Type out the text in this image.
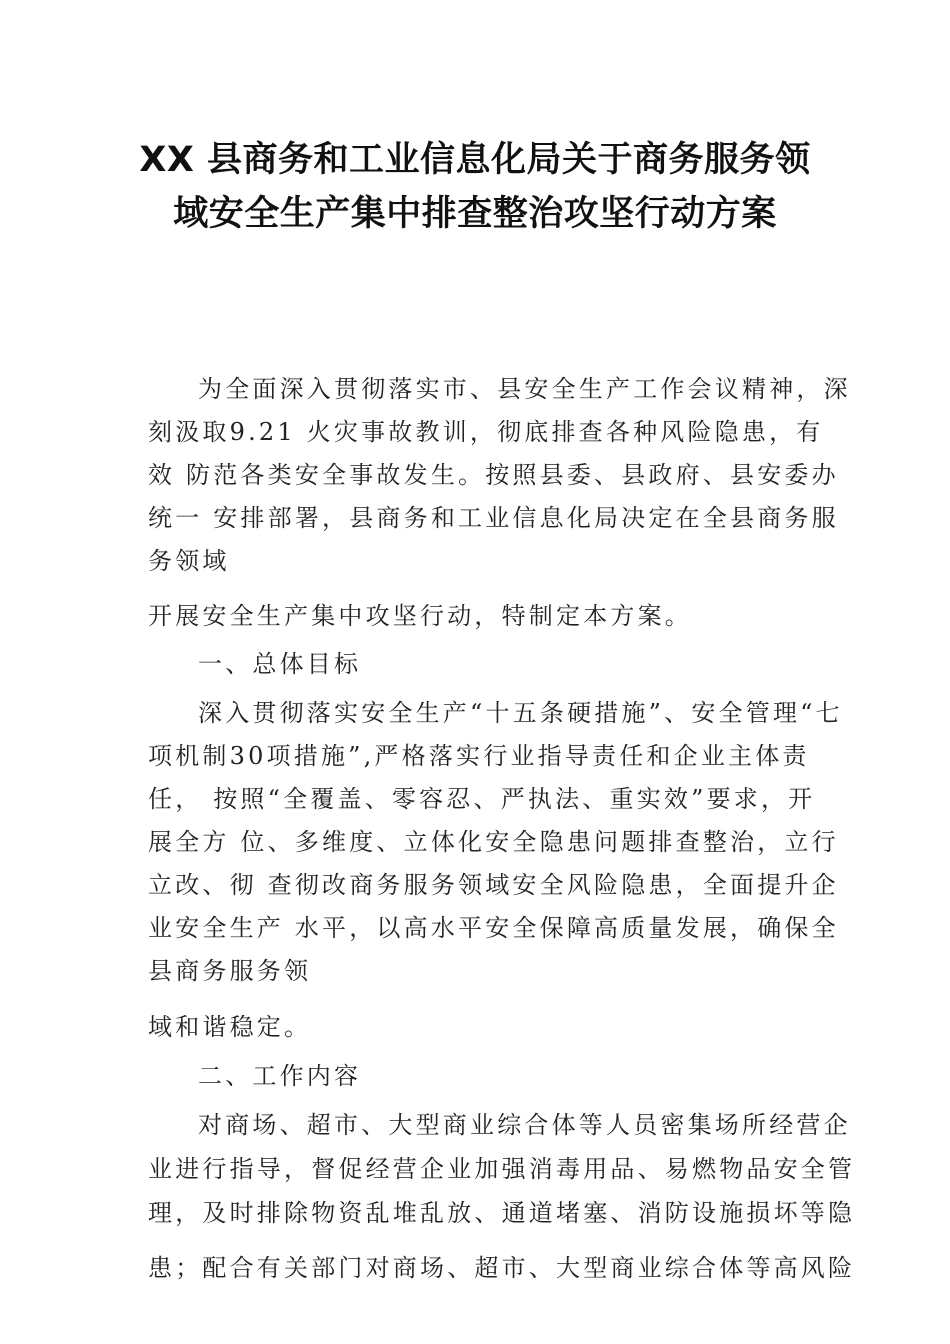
XX 县商务和工业信息化局关于商务服务领
域安全生产集中排查整治攻坚行动方案
为全面深入贯彻落实市、县安全生产工作会议精神，深
刻汲取9.21 火灾事故教训，彻底排查各种风险隐患，有
效 防范各类安全事故发生。按照县委、县政府、县安委办
统一 安排部署，县商务和工业信息化局决定在全县商务服
务领域
开展安全生产集中攻坚行动，特制定本方案。
一、总体目标
深入贯彻落实安全生产“十五条硬措施”、安全管理“七
项机制30项措施”,严格落实行业指导责任和企业主体责
任， 按照“全覆盖、零容忍、严执法、重实效”要求，开
展全方 位、多维度、立体化安全隐患问题排查整治，立行
立改、彻 查彻改商务服务领域安全风险隐患，全面提升企
业安全生产 水平，以高水平安全保障高质量发展，确保全
县商务服务领
域和谐稳定。
二、工作内容
对商场、超市、大型商业综合体等人员密集场所经营企
业进行指导，督促经营企业加强消毒用品、易燃物品安全管
理，及时排除物资乱堆乱放、通道堵塞、消防设施损坏等隐
患；配合有关部门对商场、超市、大型商业综合体等高风险
